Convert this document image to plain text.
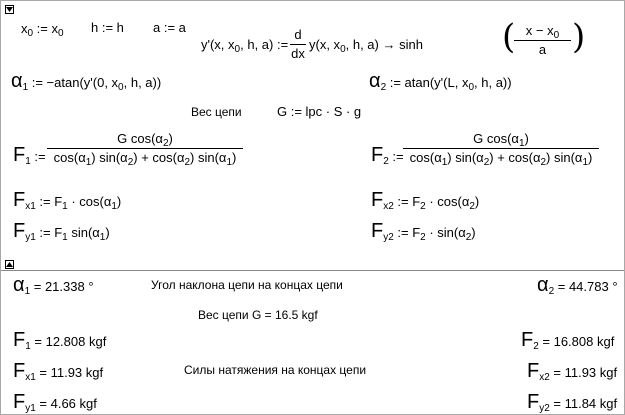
$x_0$ := $x_0$ h := h a := a
y'(x, $x_0$, h, a) :=
d
dx
y(x, $x_0$, h, a) → sinh ( $x - x_0$
a )
$\alpha_1$ := −atan(y'(0, $x_0$, h, a))	$\alpha_2$ := atan(y'(L, $x_0$, h, a))
Вес цепи	G := lpc · S · g
$F_1$ :=
G $\cos(\alpha_2)$
$\cos(\alpha_1) \sin(\alpha_2) + \cos(\alpha_2)$ $\sin(\alpha_1)$	$F_2$ :=
G $\cos(\alpha_1)$
$\cos(\alpha_1) \sin(\alpha_2) + \cos(\alpha_2)$ $\sin(\alpha_1)$
$F_{x1}$ := $F_1 \cdot \cos(\alpha_1)$	$F_{x2}$ := $F_2 \cdot \cos(\alpha_2)$
$F_{y1}$ := $F_1$ $\sin(\alpha_1)$	$F_{y2}$ := $F_2 \cdot \sin(\alpha_2)$
$\alpha_1 = 21.338$ °	Угол наклона цепи на концах цепи	$\alpha_2 = 44.783$ °
Вес цепи G = 16.5 kgf
$F_1 = 12.808$ kgf	$F_2 = 16.808$ kgf
$F_{x1} = 11.93$ kgf	Силы натяжения на концах цепи	$F_{x2} = 11.93$ kgf
$F_{y1} = 4.66$ kgf	$F_{y2} = 11.84$ kgf
